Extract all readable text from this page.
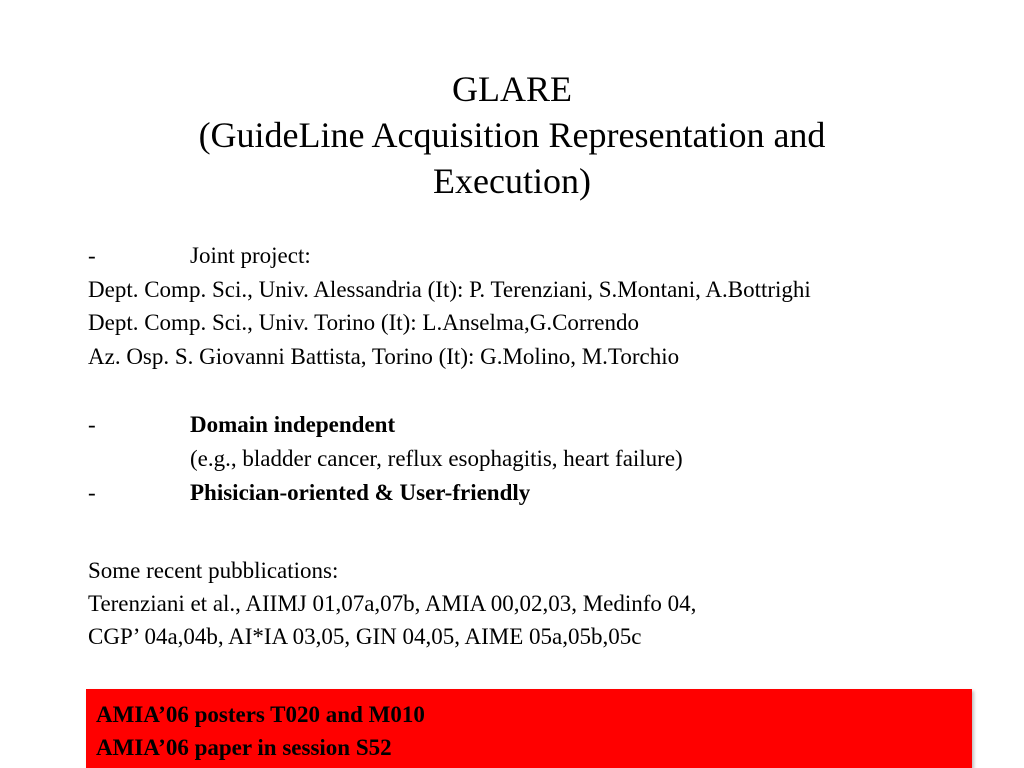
GLARE
(GuideLine Acquisition Representation and
Execution)
-	Joint project:
Dept. Comp. Sci., Univ. Alessandria (It): P. Terenziani, S.Montani, A.Bottrighi
Dept. Comp. Sci., Univ. Torino (It): L.Anselma,G.Correndo
Az. Osp. S. Giovanni Battista, Torino (It): G.Molino, M.Torchio
-	Domain independent
(e.g., bladder cancer, reflux esophagitis, heart failure)
-	Phisician-oriented & User-friendly
Some recent pubblications:
Terenziani et al., AIIMJ 01,07a,07b, AMIA 00,02,03, Medinfo 04,
CGP’ 04a,04b, AI*IA 03,05, GIN 04,05, AIME 05a,05b,05c
AMIA’06 posters T020 and M010
AMIA’06 paper in session S52
